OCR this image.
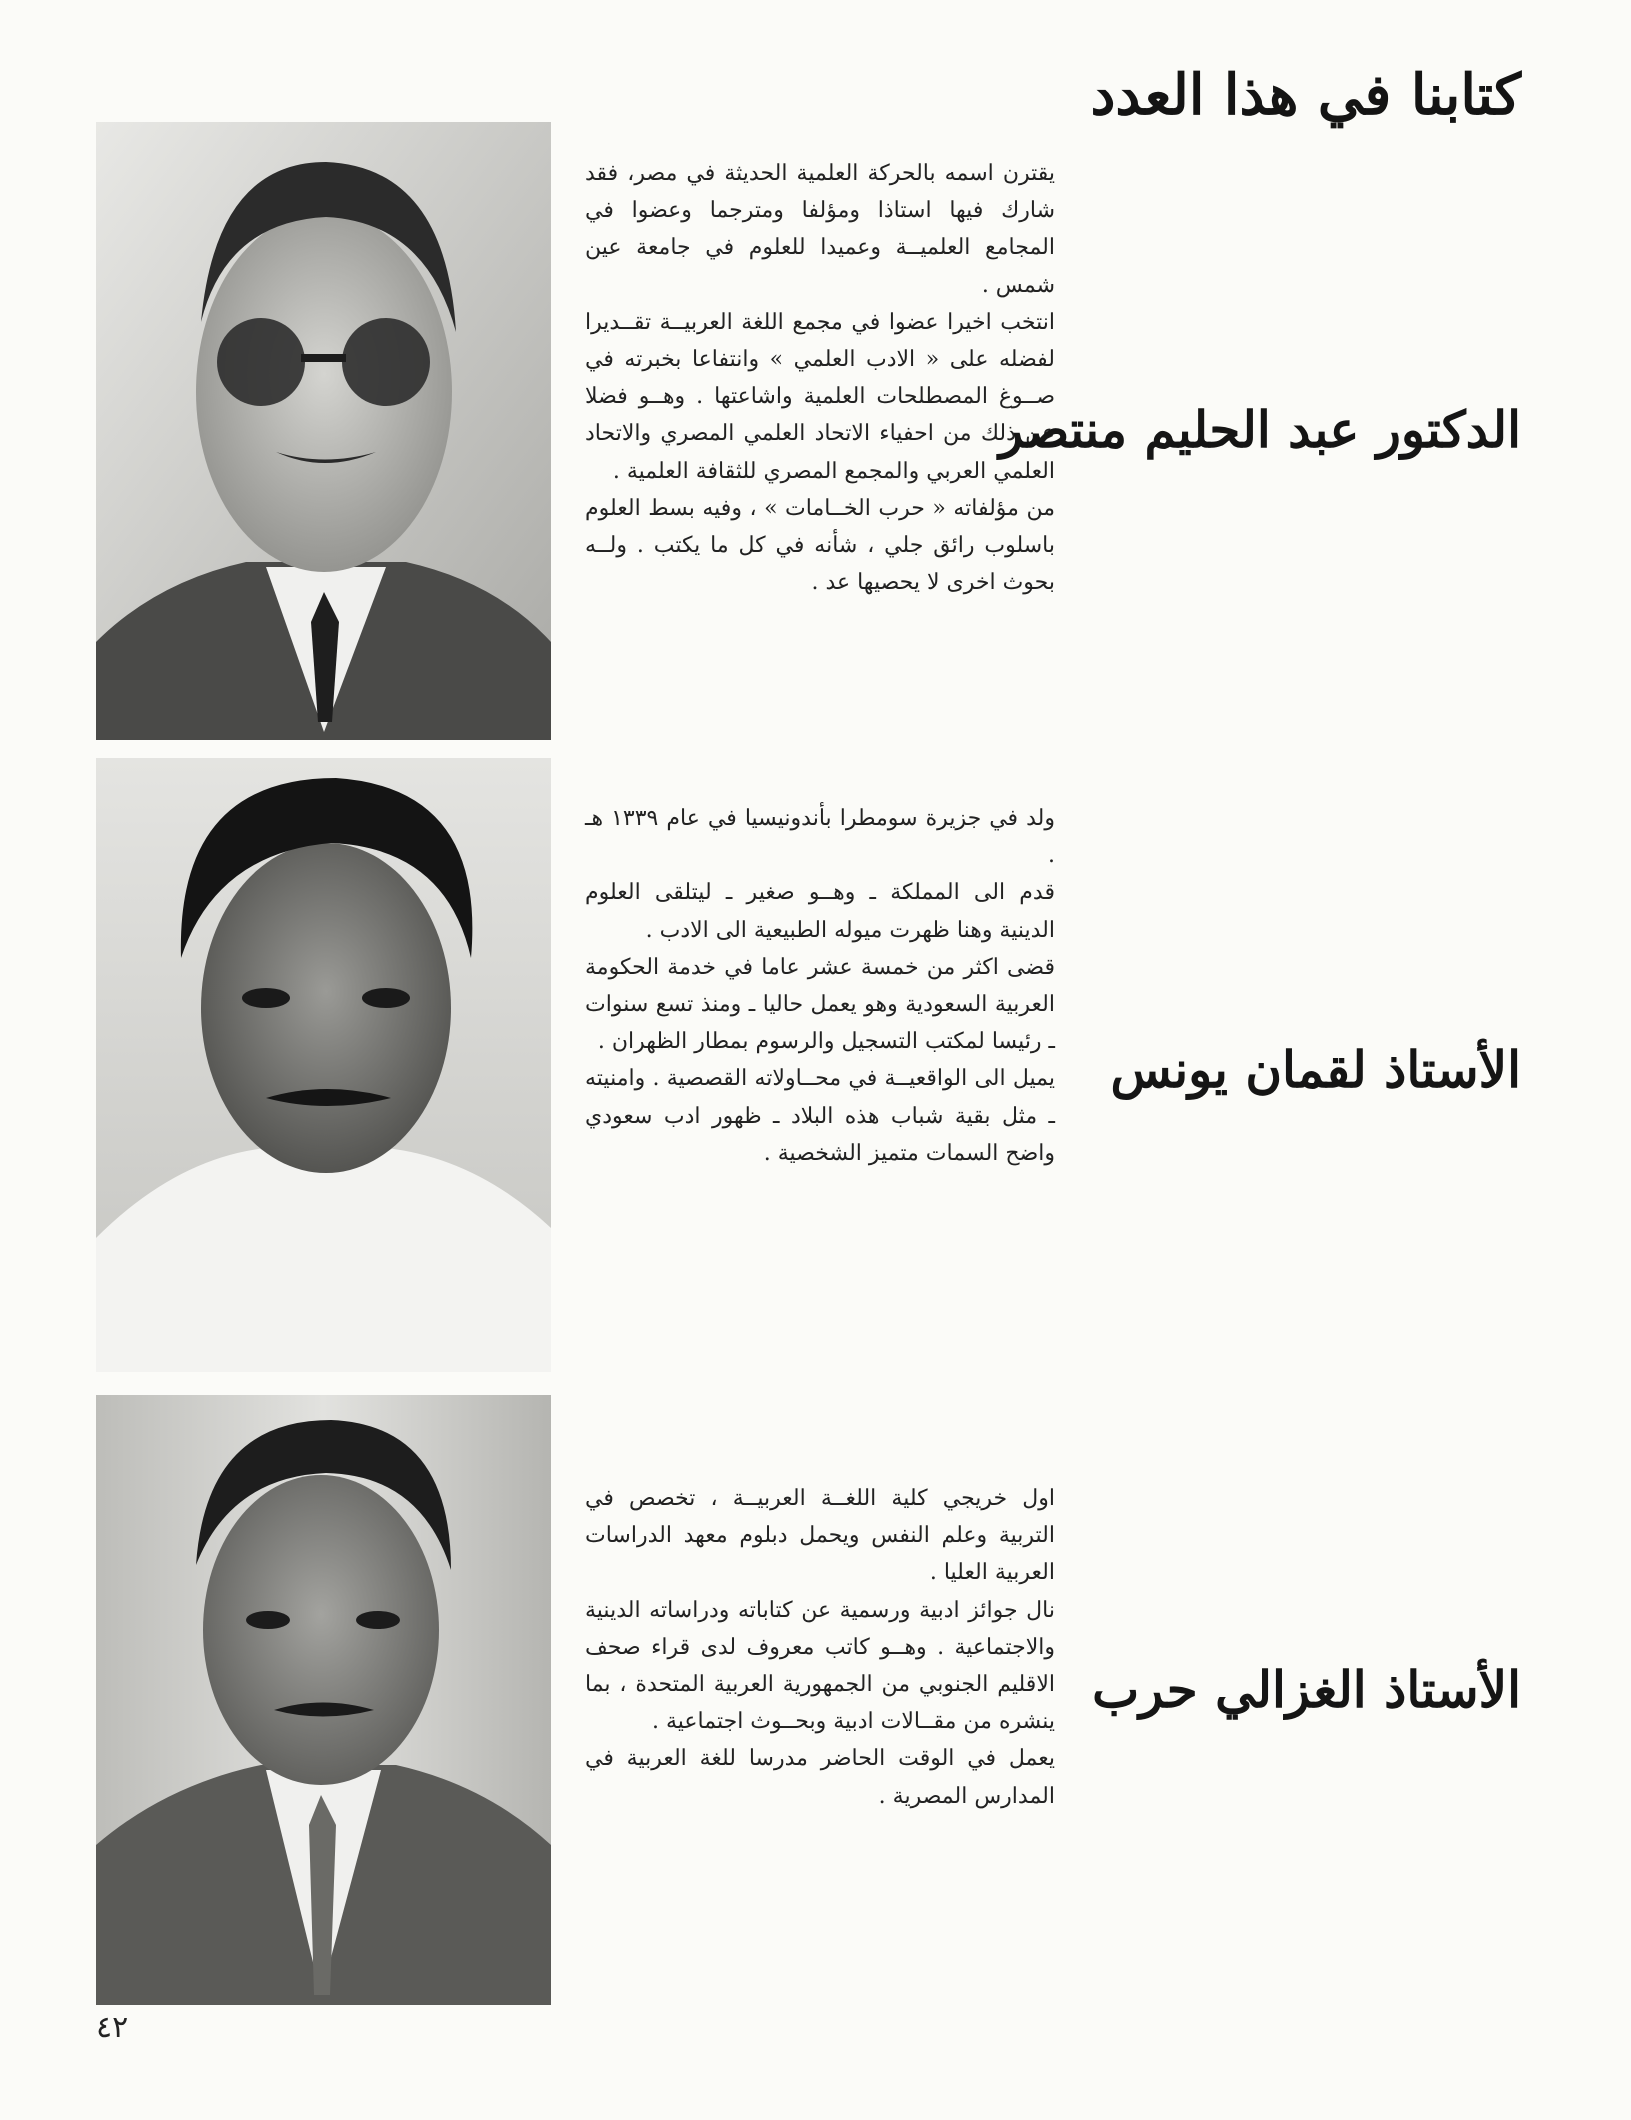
كتابنا في هذا العدد

يقترن اسمه بالحركة العلمية الحديثة في مصر، فقد شارك فيها استاذا ومؤلفا ومترجما وعضوا في المجامع العلميــة وعميدا للعلوم في جامعة عين شمس .

انتخب اخيرا عضوا في مجمع اللغة العربيــة تقــديرا لفضله على « الادب العلمي » وانتفاعا بخبرته في صــوغ المصطلحات العلمية واشاعتها . وهــو فضلا عن ذلك من احفياء الاتحاد العلمي المصري والاتحاد العلمي العربي والمجمع المصري للثقافة العلمية .

من مؤلفاته « حرب الخــامات » ، وفيه بسط العلوم باسلوب رائق جلي ، شأنه في كل ما يكتب . ولــه بحوث اخرى لا يحصيها عد .

الدكتور عبد الحليم منتصر

ولد في جزيرة سومطرا بأندونيسيا في عام ١٣٣٩ هـ .

قدم الى المملكة ـ وهــو صغير ـ ليتلقى العلوم الدينية وهنا ظهرت ميوله الطبيعية الى الادب .

قضى اكثر من خمسة عشر عاما في خدمة الحكومة العربية السعودية وهو يعمل حاليا ـ ومنذ تسع سنوات ـ رئيسا لمكتب التسجيل والرسوم بمطار الظهران .

يميل الى الواقعيــة في محــاولاته القصصية . وامنيته ـ مثل بقية شباب هذه البلاد ـ ظهور ادب سعودي واضح السمات متميز الشخصية .

الأستاذ لقمان يونس

اول خريجي كلية اللغــة العربيــة ، تخصص في التربية وعلم النفس ويحمل دبلوم معهد الدراسات العربية العليا .

نال جوائز ادبية ورسمية عن كتاباته ودراساته الدينية والاجتماعية . وهــو كاتب معروف لدى قراء صحف الاقليم الجنوبي من الجمهورية العربية المتحدة ، بما ينشره من مقــالات ادبية وبحــوث اجتماعية .

يعمل في الوقت الحاضر مدرسا للغة العربية في المدارس المصرية .

الأستاذ الغزالي حرب
٤٢
